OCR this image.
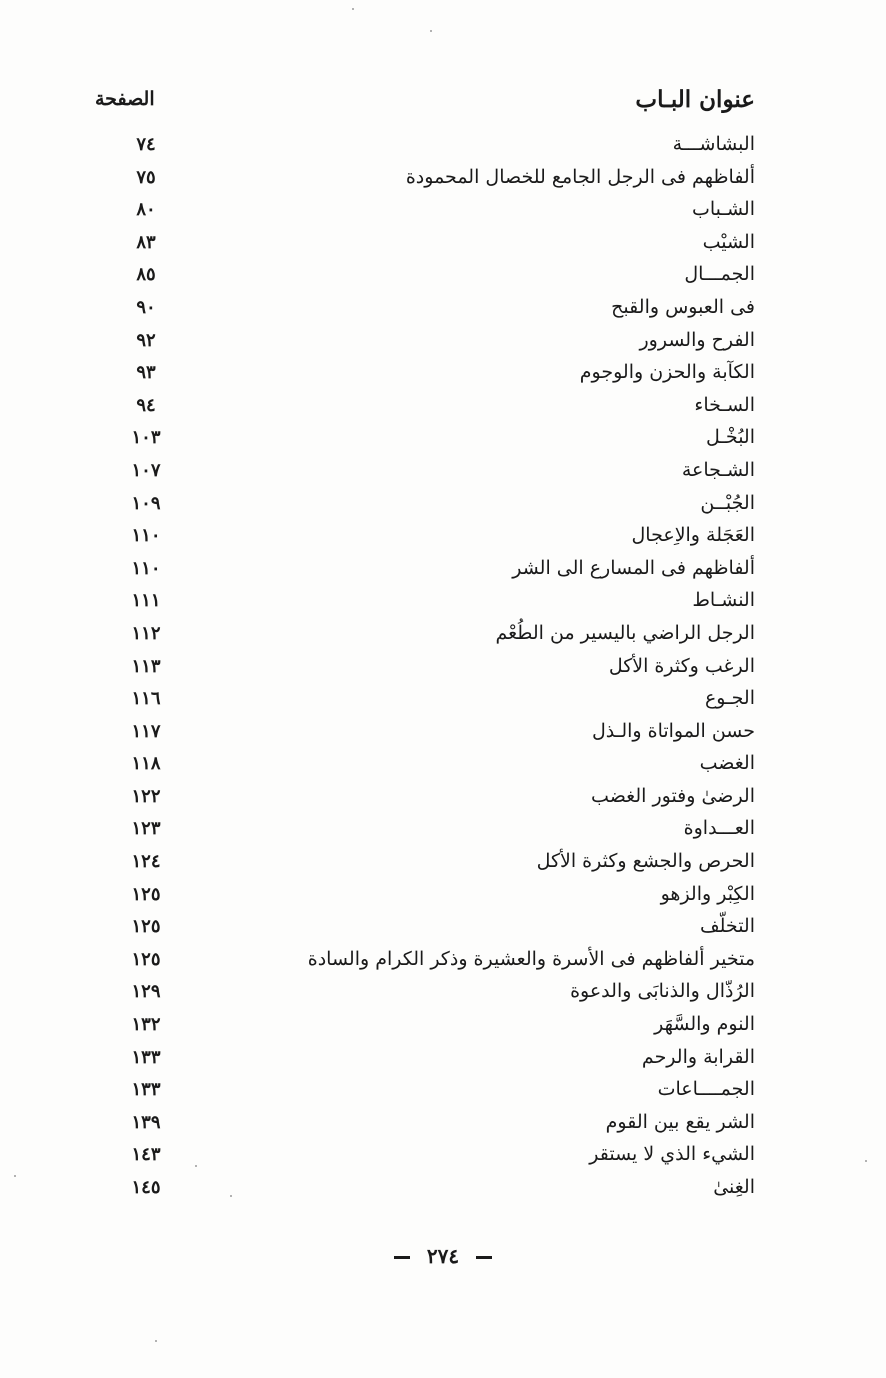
عنوان البـاب
الصفحة
البشاشـــة
٧٤
ألفاظهم فى الرجل الجامع للخصال المحمودة
٧٥
الشـباب
٨٠
الشيْب
٨٣
الجمـــال
٨٥
فى العبوس والقبح
٩٠
الفرح والسرور
٩٢
الكآبة والحزن والوجوم
٩٣
السـخاء
٩٤
البُخْـل
١٠٣
الشـجاعة
١٠٧
الجُبْــن
١٠٩
العَجَلة والاِعجال
١١٠
ألفاظهم فى المسارع الى الشر
١١٠
النشـاط
١١١
الرجل الراضي باليسير من الطُعْم
١١٢
الرغب وكثرة الأكل
١١٣
الجـوع
١١٦
حسن المواتاة والـذل
١١٧
الغضب
١١٨
الرضىٰ وفتور الغضب
١٢٢
العـــداوة
١٢٣
الحرص والجشع وكثرة الأكل
١٢٤
الكِبْر والزهو
١٢٥
التخلّف
١٢٥
متخير ألفاظهم فى الأسرة والعشيرة وذكر الكرام والسادة
١٢٥
الرُذّال والذنابَى والدعوة
١٢٩
النوم والسَّهَر
١٣٢
القرابة والرحم
١٣٣
الجمــــاعات
١٣٣
الشر يقع بين القوم
١٣٩
الشيء الذي لا يستقر
١٤٣
الغِنىٰ
١٤٥
٢٧٤
